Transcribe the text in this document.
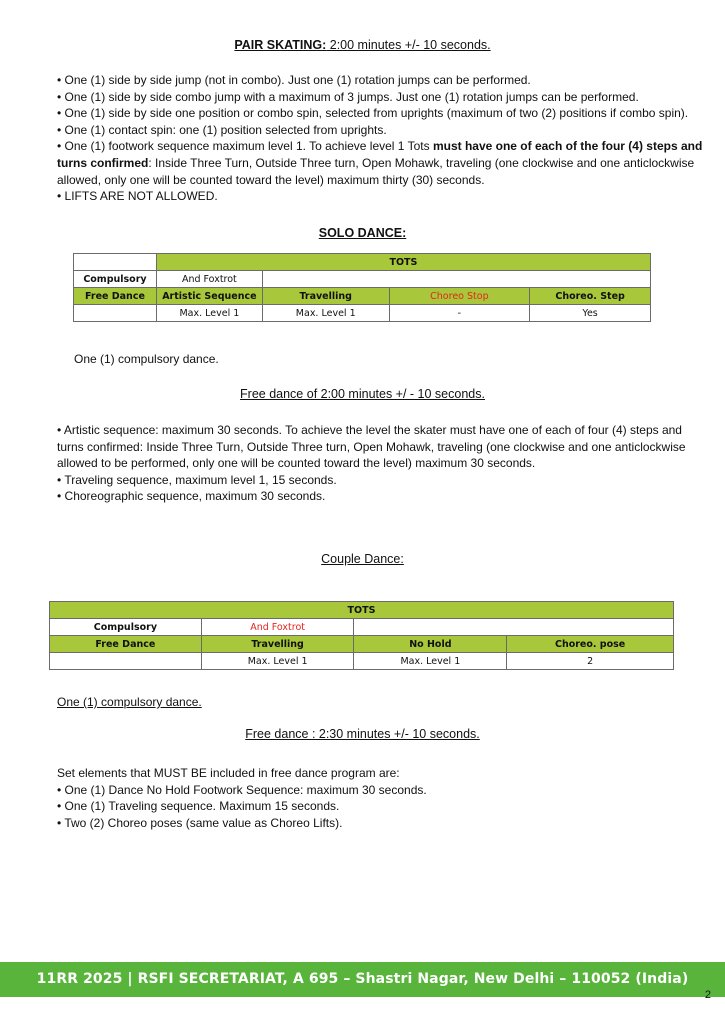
PAIR SKATING: 2:00 minutes +/- 10 seconds.
• One (1) side by side jump (not in combo). Just one (1) rotation jumps can be performed.
• One (1) side by side combo jump with a maximum of 3 jumps. Just one (1) rotation jumps can be performed.
• One (1) side by side one position or combo spin, selected from uprights (maximum of two (2) positions if combo spin).
• One (1) contact spin: one (1) position selected from uprights.
• One (1) footwork sequence maximum level 1. To achieve level 1 Tots must have one of each of the four (4) steps and turns confirmed: Inside Three Turn, Outside Three turn, Open Mohawk, traveling (one clockwise and one anticlockwise allowed, only one will be counted toward the level) maximum thirty (30) seconds.
• LIFTS ARE NOT ALLOWED.
SOLO DANCE:
	TOTS			
Compulsory	And Foxtrot			
Free Dance	Artistic Sequence	Travelling	Choreo Stop	Choreo. Step
	Max. Level 1	Max. Level 1	-	Yes
One (1) compulsory dance.
Free dance of 2:00 minutes +/ - 10 seconds.
• Artistic sequence: maximum 30 seconds. To achieve the level the skater must have one of each of four (4) steps and turns confirmed: Inside Three Turn, Outside Three turn, Open Mohawk, traveling (one clockwise and one anticlockwise allowed to be performed, only one will be counted toward the level) maximum 30 seconds.
• Traveling sequence, maximum level 1, 15 seconds.
• Choreographic sequence, maximum 30 seconds.
Couple Dance:
TOTS			
Compulsory	And Foxtrot		
Free Dance	Travelling	No Hold	Choreo. pose
	Max. Level 1	Max. Level 1	2
One (1) compulsory dance.
Free dance : 2:30 minutes +/- 10 seconds.
Set elements that MUST BE included in free dance program are:
• One (1) Dance No Hold Footwork Sequence: maximum 30 seconds.
• One (1) Traveling sequence. Maximum 15 seconds.
• Two (2) Choreo poses (same value as Choreo Lifts).
11RR 2025 | RSFI SECRETARIAT, A 695 – Shastri Nagar, New Delhi – 110052 (India)
2
